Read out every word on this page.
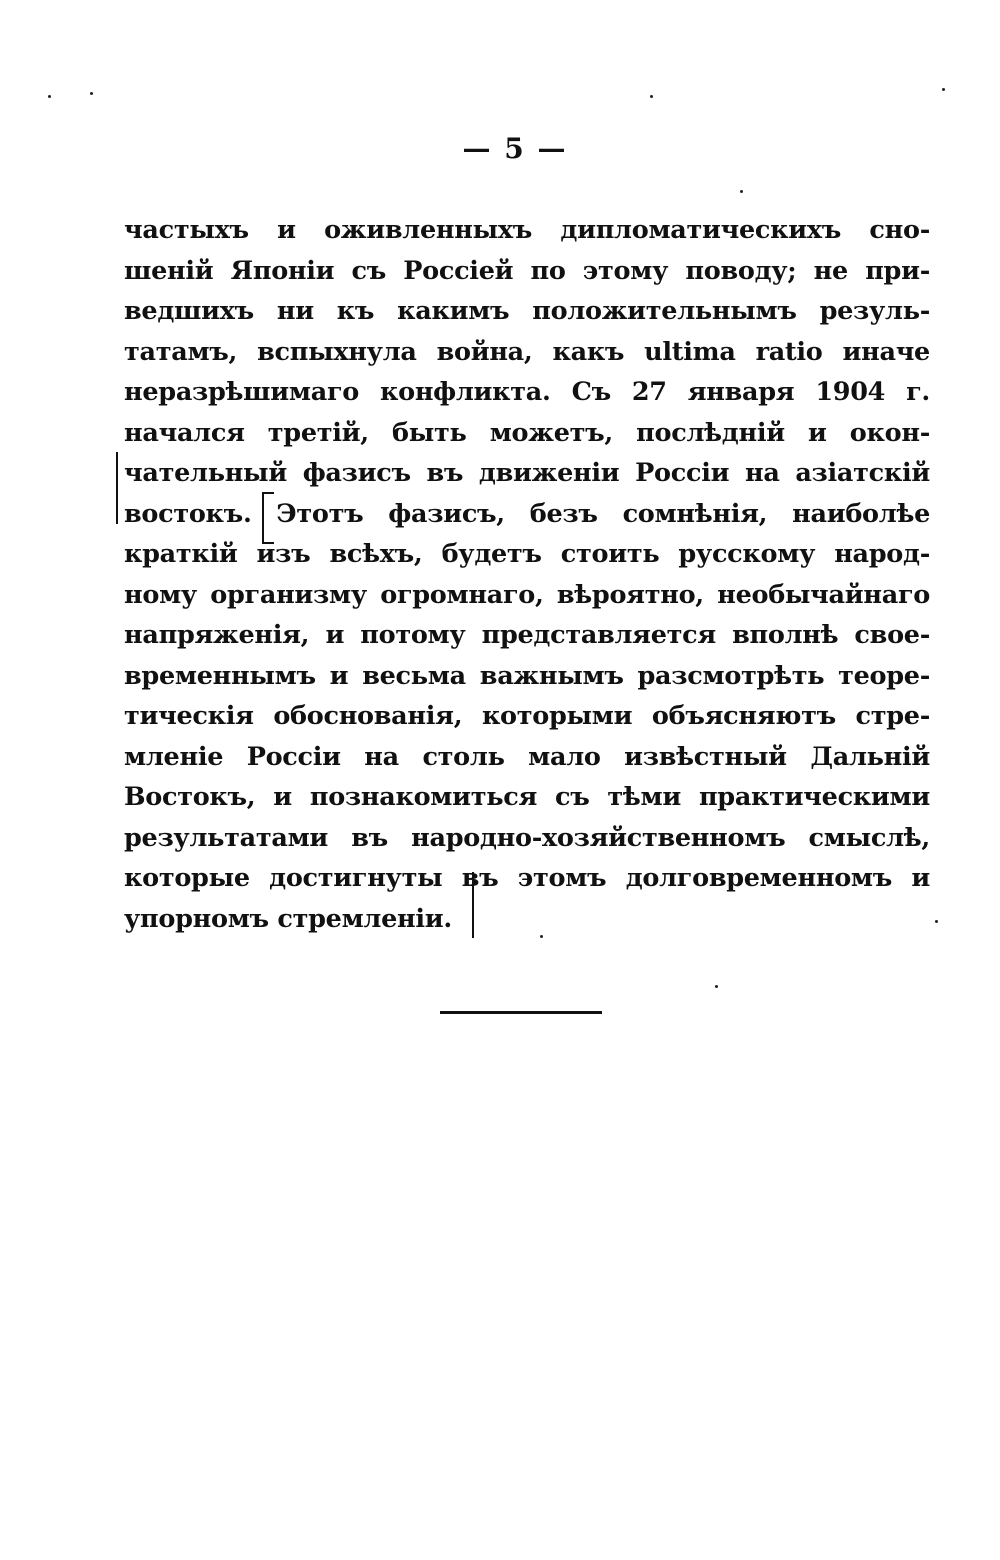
— 5 —
частыхъ и оживленныхъ дипломатическихъ сно-
шеній Японіи съ Россіей по этому поводу; не при-
ведшихъ ни къ какимъ положительнымъ резуль-
татамъ, вспыхнула война, какъ ultima ratio иначе
неразрѣшимаго конфликта. Съ 27 января 1904 г.
начался третій, быть можетъ, послѣдній и окон-
чательный фазисъ въ движеніи Россіи на азіатскій
востокъ. Этотъ фазисъ, безъ сомнѣнія, наиболѣе
краткій изъ всѣхъ, будетъ стоить русскому народ-
ному организму огромнаго, вѣроятно, необычайнаго
напряженія, и потому представляется вполнѣ свое-
временнымъ и весьма важнымъ разсмотрѣть теоре-
тическія обоснованія, которыми объясняютъ стре-
мленіе Россіи на столь мало извѣстный Дальній
Востокъ, и познакомиться съ тѣми практическими
результатами въ народно-хозяйственномъ смыслѣ,
которые достигнуты въ этомъ долговременномъ и
упорномъ стремленіи.
